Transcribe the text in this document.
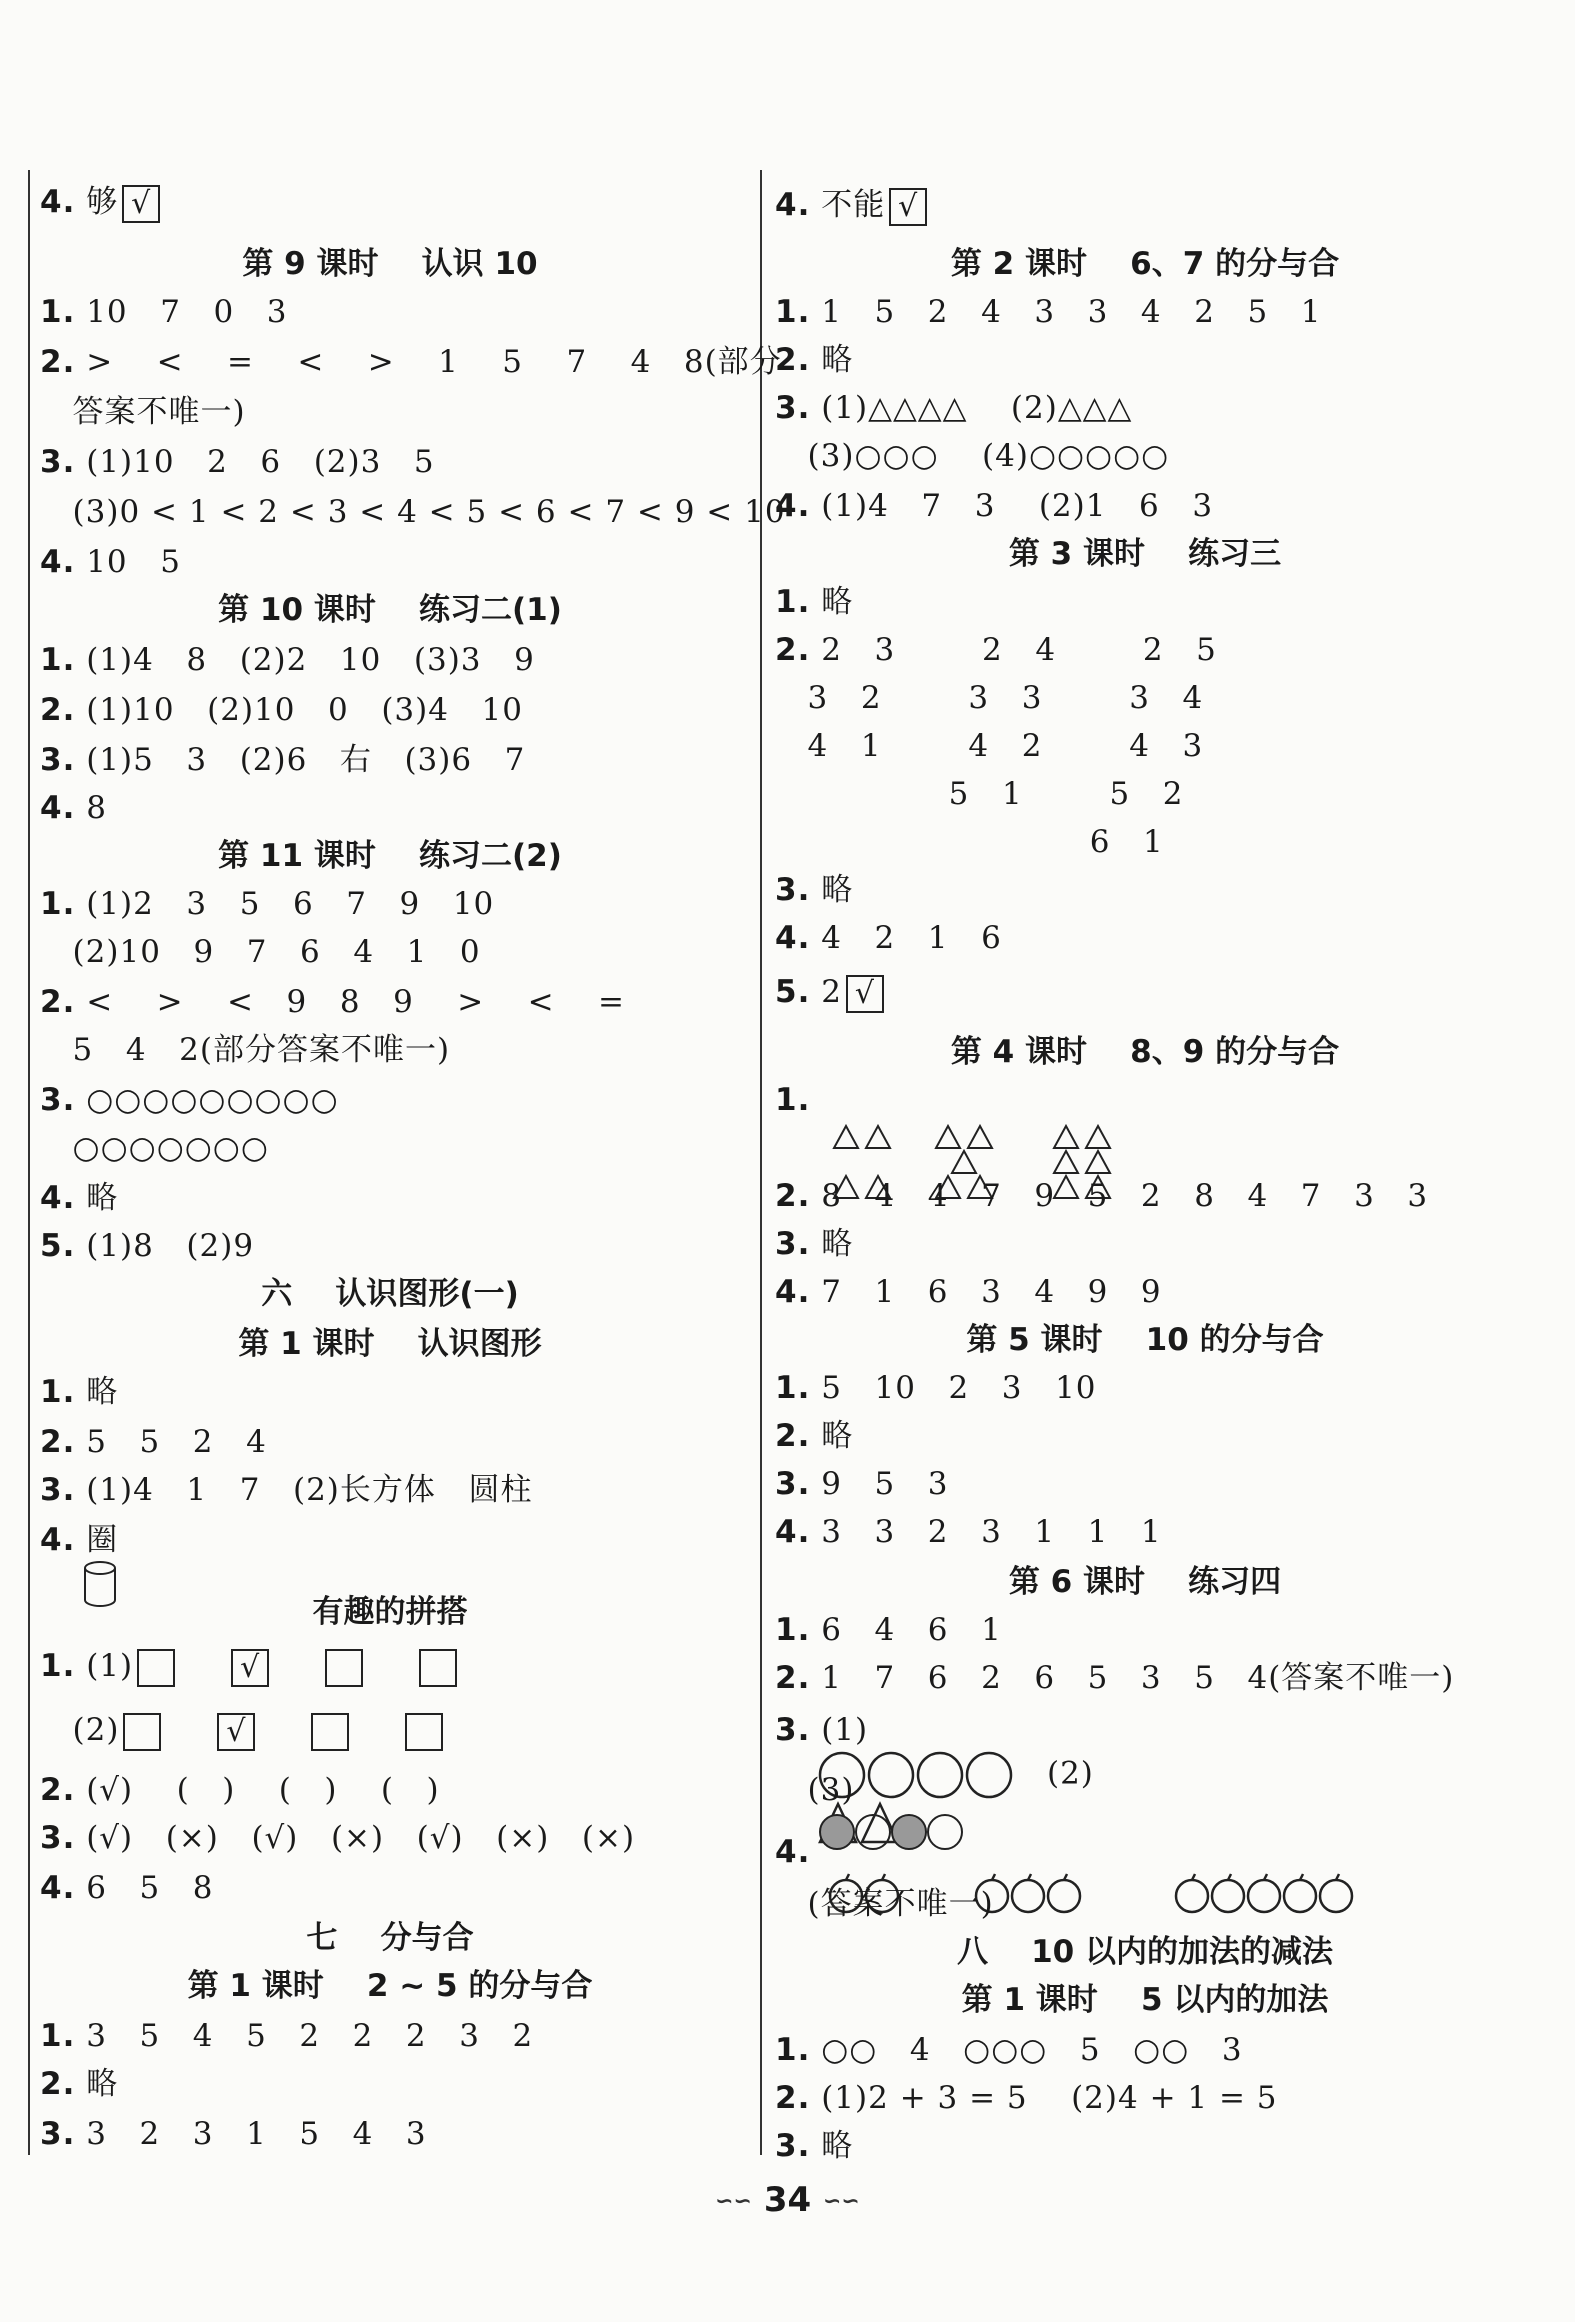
4. 够 √
第 9 课时    认识 10
1. 10   7   0   3
2. >    <    =    <    >    1    5    7    4   8(部分
答案不唯一)
3. (1)10   2   6   (2)3   5
(3)0 < 1 < 2 < 3 < 4 < 5 < 6 < 7 < 9 < 10
4. 10   5
第 10 课时    练习二(1)
1. (1)4   8   (2)2   10   (3)3   9
2. (1)10   (2)10   0   (3)4   10
3. (1)5   3   (2)6   右   (3)6   7
4. 8
第 11 课时    练习二(2)
1. (1)2   3   5   6   7   9   10
(2)10   9   7   6   4   1   0
2. <    >    <   9   8   9    >    <    =
5   4   2(部分答案不唯一)
3. ○○○○○○○○○
○○○○○○○
4. 略
5. (1)8   (2)9
六    认识图形(一)
第 1 课时    认识图形
1. 略
2. 5   5   2   4
3. (1)4   1   7   (2)长方体   圆柱
4. 圈

有趣的拼搭
1. (1)	√
(2)	√
2. (√)    (   )    (   )    (   )
3. (√)   (×)   (√)   (×)   (√)   (×)   (×)
4. 6   5   8
七    分与合
第 1 课时    2 ~ 5 的分与合
1. 3   5   4   5   2   2   2   3   2
2. 略
3. 3   2   3   1   5   4   3
4. 不能 √
第 2 课时    6、7 的分与合
1. 1   5   2   4   3   3   4   2   5   1
2. 略
3. (1)△△△△    (2)△△△
(3)○○○    (4)○○○○○
4. (1)4   7   3    (2)1   6   3
第 3 课时    练习三
1. 略
2. 2   3        2   4        2   5
3   2        3   3        3   4
4   1        4   2        4   3
5   1        5   2
6   1
3. 略
4. 4   2   1   6
5. 2 √
第 4 课时    8、9 的分与合
1.

2. 8   4   4   7   9   5   2   8   4   7   3   3
3. 略
4. 7   1   6   3   4   9   9
第 5 课时    10 的分与合
1. 5   10   2   3   10
2. 略
3. 9   5   3
4. 3   3   2   3   1   1   1
第 6 课时    练习四
1. 6   4   6   1
2. 1   7   6   2   6   5   3   5   4(答案不唯一)
3. (1)
(2)

(3)

4.

(答案不唯一)
八    10 以内的加法的减法
第 1 课时    5 以内的加法
1. ○○   4   ○○○   5   ○○   3
2. (1)2 + 3 = 5    (2)4 + 1 = 5
3. 略
∽∽ 34 ∽∽
